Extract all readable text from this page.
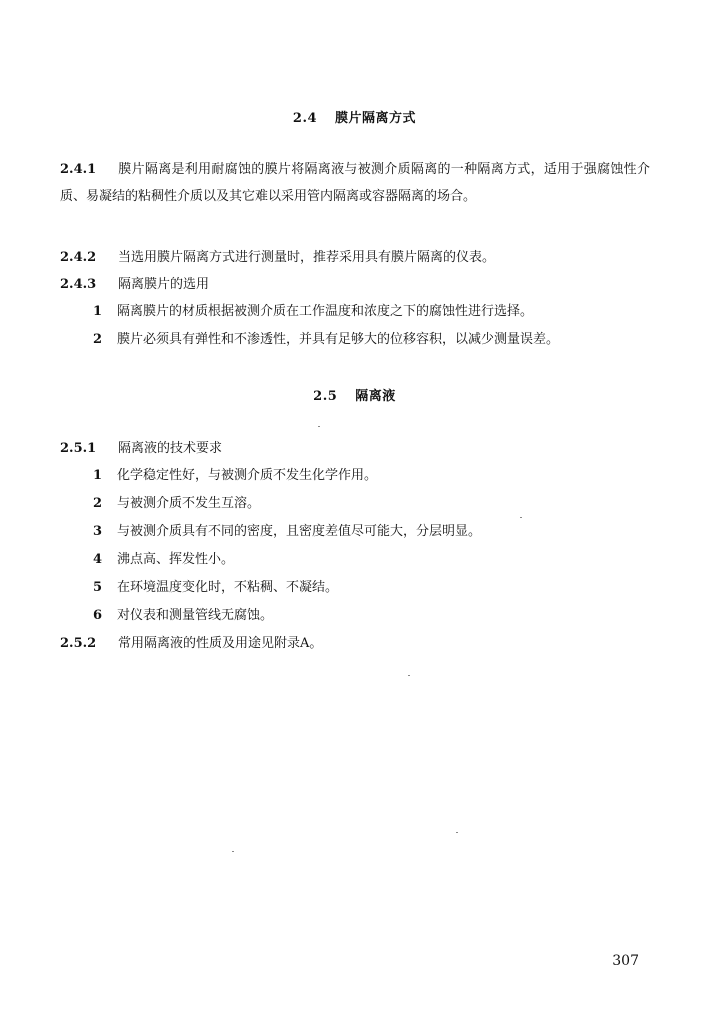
2.4 膜片隔离方式
2.4.1 膜片隔离是利用耐腐蚀的膜片将隔离液与被测介质隔离的一种隔离方式，适用于强腐蚀性介质、易凝结的粘稠性介质以及其它难以采用管内隔离或容器隔离的场合。
2.4.2 当选用膜片隔离方式进行测量时，推荐采用具有膜片隔离的仪表。
2.4.3 隔离膜片的选用
1 隔离膜片的材质根据被测介质在工作温度和浓度之下的腐蚀性进行选择。
2 膜片必须具有弹性和不渗透性，并具有足够大的位移容积，以减少测量误差。
2.5 隔离液
2.5.1 隔离液的技术要求
1 化学稳定性好，与被测介质不发生化学作用。
2 与被测介质不发生互溶。
3 与被测介质具有不同的密度，且密度差值尽可能大，分层明显。
4 沸点高、挥发性小。
5 在环境温度变化时，不粘稠、不凝结。
6 对仪表和测量管线无腐蚀。
2.5.2 常用隔离液的性质及用途见附录A。
307
